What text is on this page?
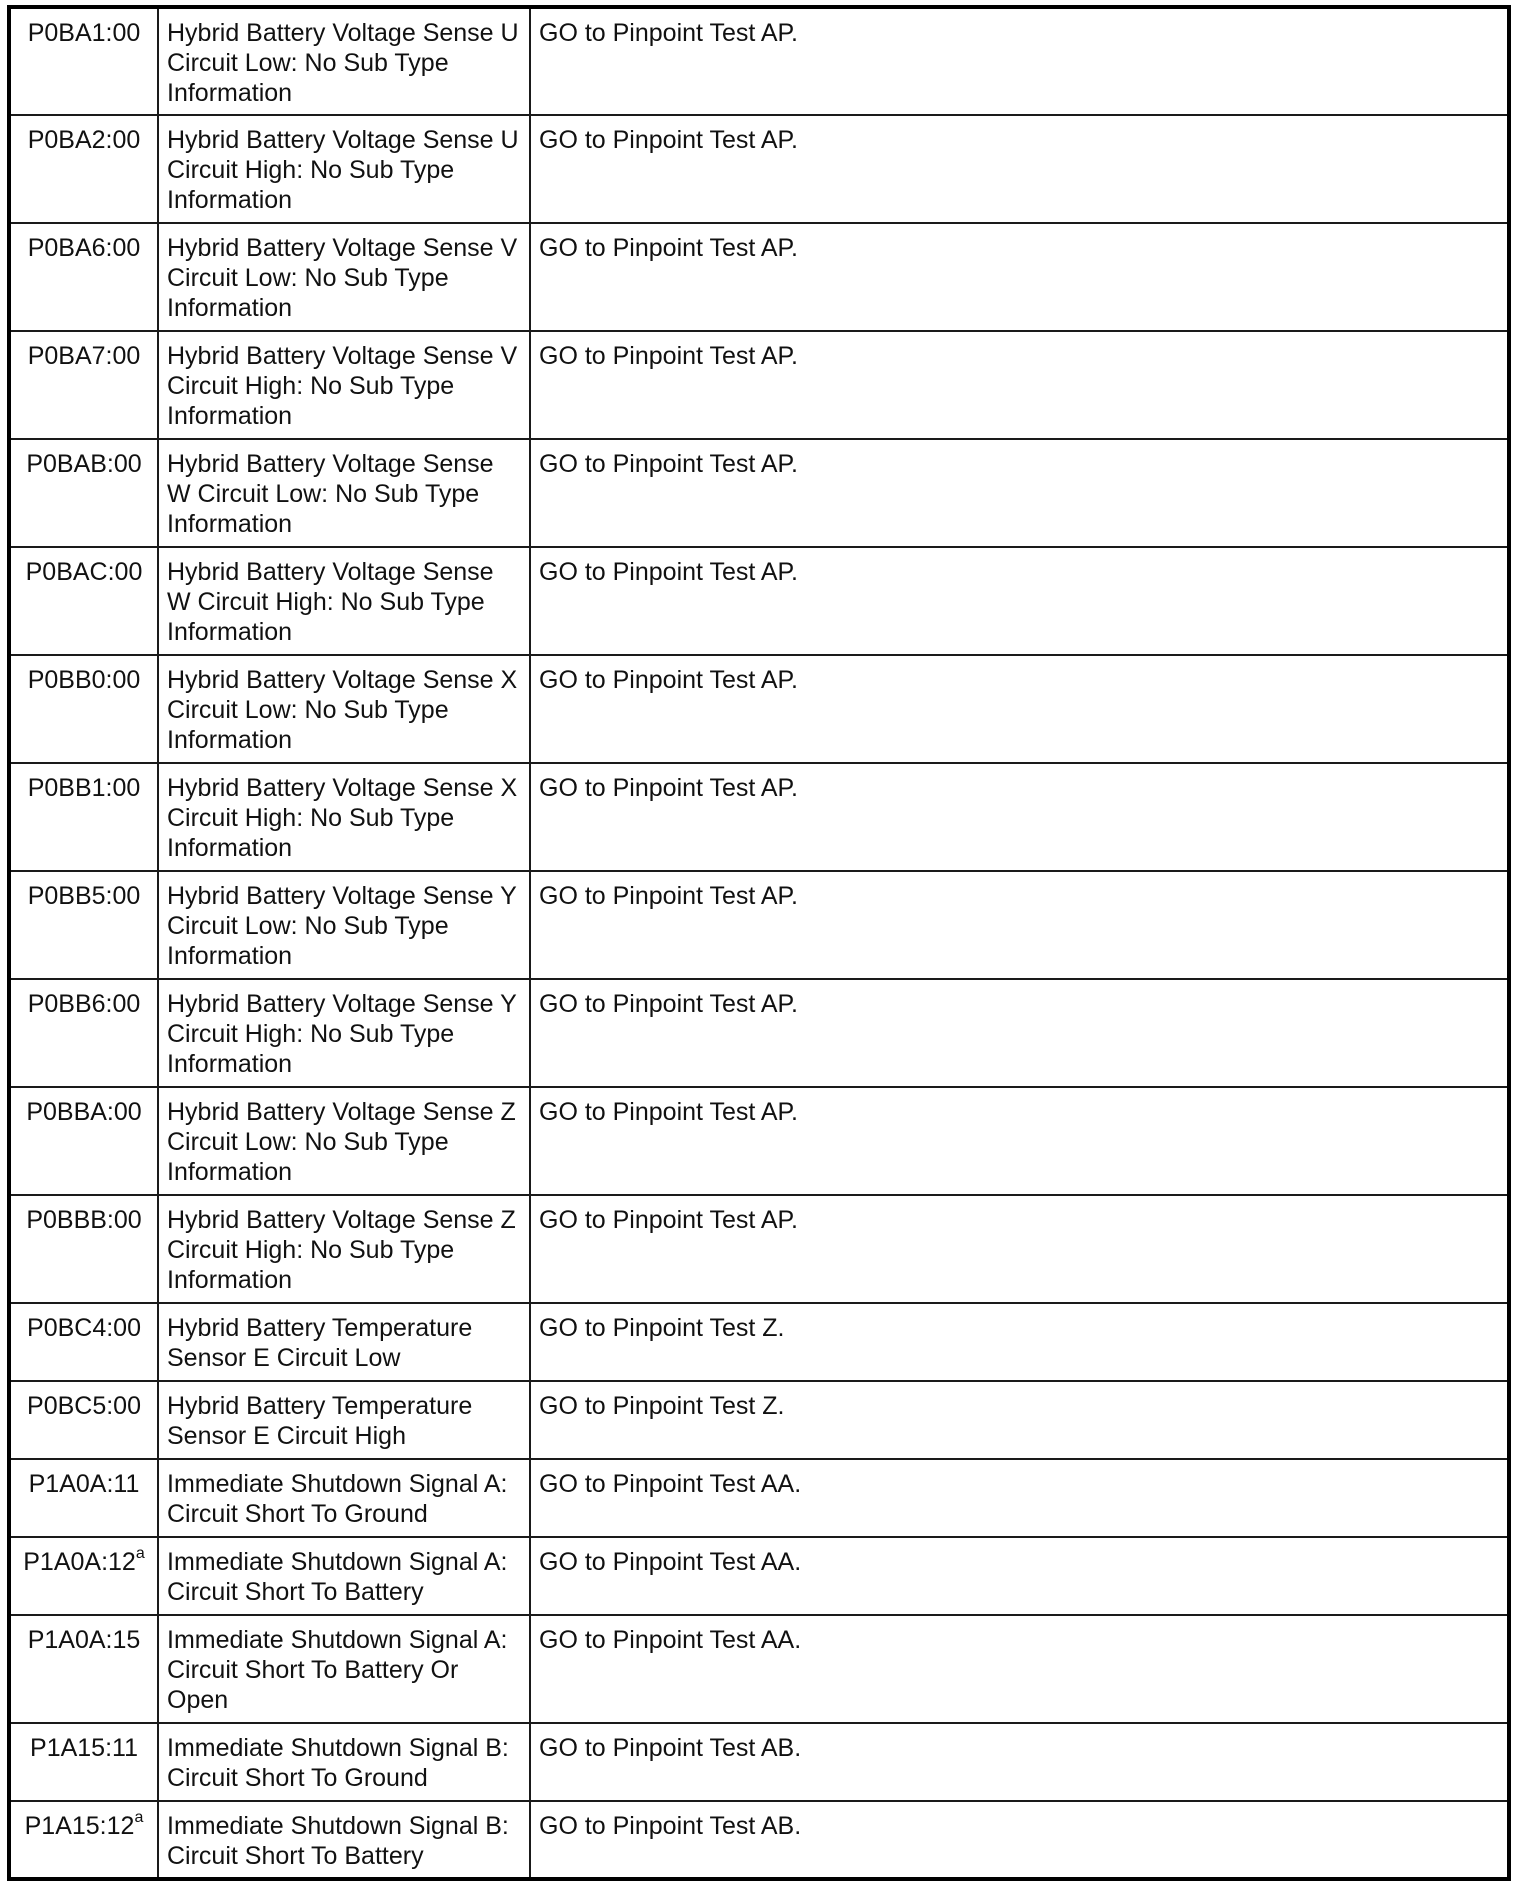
P0BA1:00	Hybrid Battery Voltage Sense U Circuit Low: No Sub Type Information	GO to Pinpoint Test AP.
P0BA2:00	Hybrid Battery Voltage Sense U Circuit High: No Sub Type Information	GO to Pinpoint Test AP.
P0BA6:00	Hybrid Battery Voltage Sense V Circuit Low: No Sub Type Information	GO to Pinpoint Test AP.
P0BA7:00	Hybrid Battery Voltage Sense V Circuit High: No Sub Type Information	GO to Pinpoint Test AP.
P0BAB:00	Hybrid Battery Voltage Sense W Circuit Low: No Sub Type Information	GO to Pinpoint Test AP.
P0BAC:00	Hybrid Battery Voltage Sense W Circuit High: No Sub Type Information	GO to Pinpoint Test AP.
P0BB0:00	Hybrid Battery Voltage Sense X Circuit Low: No Sub Type Information	GO to Pinpoint Test AP.
P0BB1:00	Hybrid Battery Voltage Sense X Circuit High: No Sub Type Information	GO to Pinpoint Test AP.
P0BB5:00	Hybrid Battery Voltage Sense Y Circuit Low: No Sub Type Information	GO to Pinpoint Test AP.
P0BB6:00	Hybrid Battery Voltage Sense Y Circuit High: No Sub Type Information	GO to Pinpoint Test AP.
P0BBA:00	Hybrid Battery Voltage Sense Z Circuit Low: No Sub Type Information	GO to Pinpoint Test AP.
P0BBB:00	Hybrid Battery Voltage Sense Z Circuit High: No Sub Type Information	GO to Pinpoint Test AP.
P0BC4:00	Hybrid Battery Temperature Sensor E Circuit Low	GO to Pinpoint Test Z.
P0BC5:00	Hybrid Battery Temperature Sensor E Circuit High	GO to Pinpoint Test Z.
P1A0A:11	Immediate Shutdown Signal A: Circuit Short To Ground	GO to Pinpoint Test AA.
P1A0A:12$^a$	Immediate Shutdown Signal A: Circuit Short To Battery	GO to Pinpoint Test AA.
P1A0A:15	Immediate Shutdown Signal A: Circuit Short To Battery Or Open	GO to Pinpoint Test AA.
P1A15:11	Immediate Shutdown Signal B: Circuit Short To Ground	GO to Pinpoint Test AB.
P1A15:12$^a$	Immediate Shutdown Signal B: Circuit Short To Battery	GO to Pinpoint Test AB.
